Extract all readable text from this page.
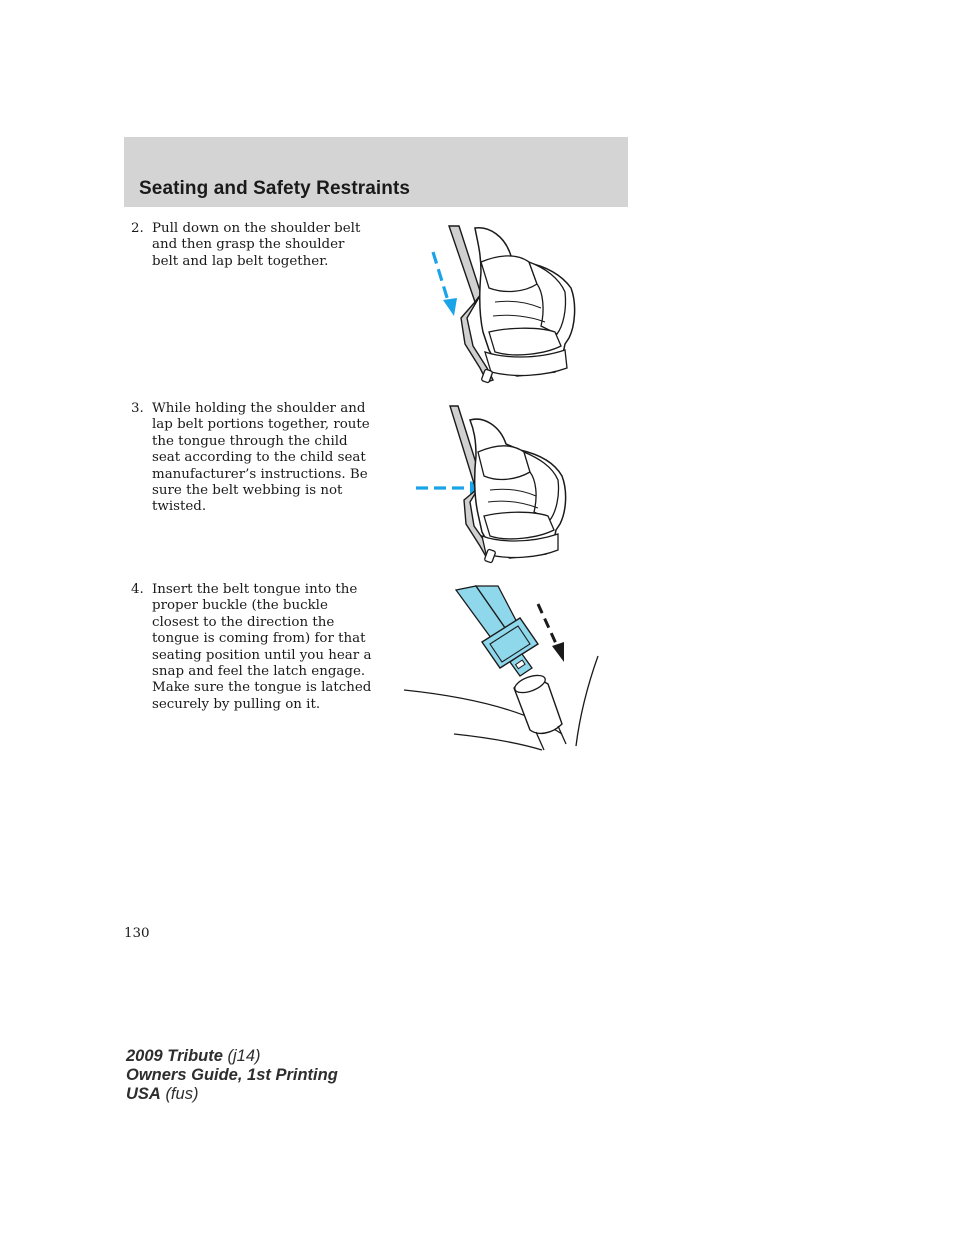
Seating and Safety Restraints
2. Pull down on the shoulder belt
and then grasp the shoulder
belt and lap belt together.
3. While holding the shoulder and
lap belt portions together, route
the tongue through the child
seat according to the child seat
manufacturer’s instructions. Be
sure the belt webbing is not
twisted.
4. Insert the belt tongue into the
proper buckle (the buckle
closest to the direction the
tongue is coming from) for that
seating position until you hear a
snap and feel the latch engage.
Make sure the tongue is latched
securely by pulling on it.
130
2009 Tribute (j14)
Owners Guide, 1st Printing
USA (fus)
